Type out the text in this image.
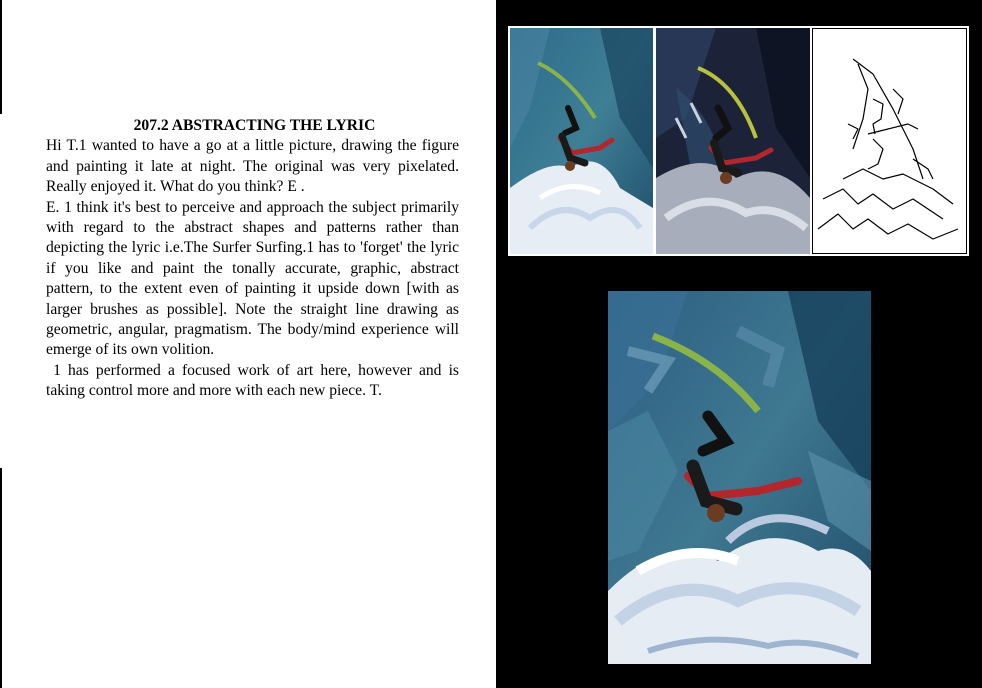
207.2 ABSTRACTING THE LYRIC

Hi T.1 wanted to have a go at a little picture, drawing the figure and painting it late at night. The original was very pixelated. Really enjoyed it. What do you think? E .

E. 1 think it's best to perceive and approach the subject primarily with regard to the abstract shapes and patterns rather than depicting the lyric i.e.The Surfer Surfing.1 has to 'forget' the lyric if you like and paint the tonally accurate, graphic, abstract pattern, to the extent even of painting it upside down [with as larger brushes as possible]. Note the straight line drawing as geometric, angular, pragmatism. The body/mind experience will emerge of its own volition.

1 has performed a focused work of art here, however and is taking control more and more with each new piece. T.
